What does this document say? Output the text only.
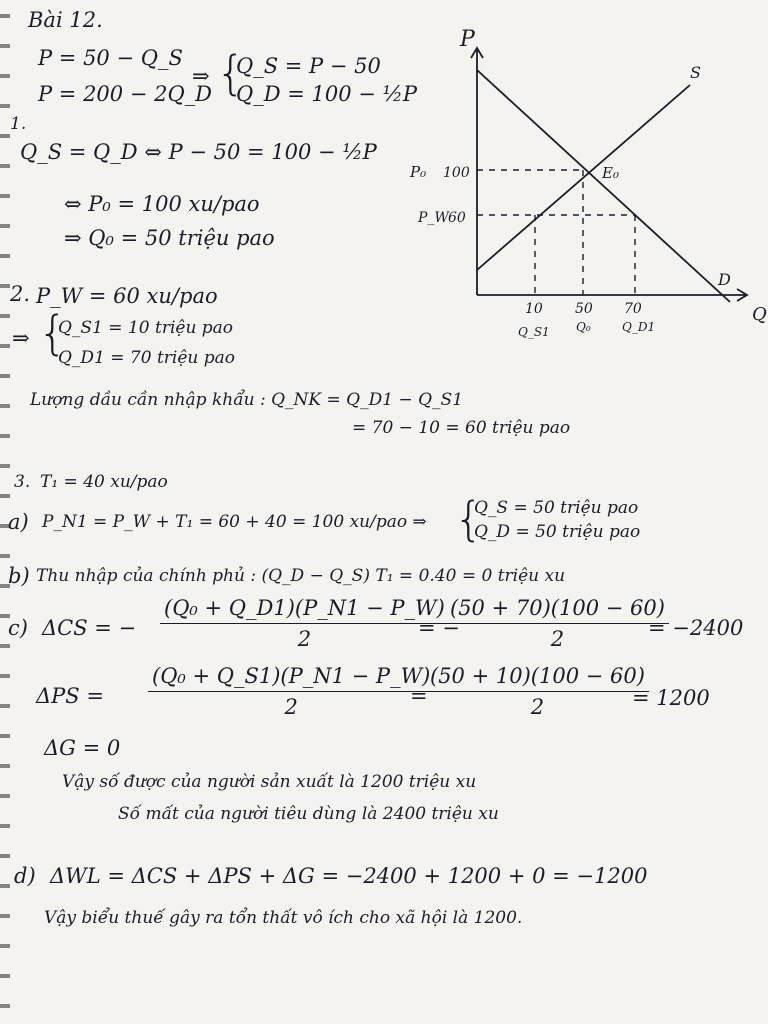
Bài 12.
P = 50 − Q_S
P = 200 − 2Q_D
⇒ {
Q_S = P − 50
Q_D = 100 − ½P
1.
Q_S = Q_D ⇔ P − 50 = 100 − ½P
⇔ P₀ = 100 xu/pao
⇒ Q₀ = 50 triệu pao
P
Q
S
D
E₀
P₀ 100
P_W 60
10 50 70
Q_S1 Q₀	Q_D1
2. P_W = 60 xu/pao
⇒ {
Q_S1 = 10 triệu pao
Q_D1 = 70 triệu pao
Lượng dầu cần nhập khẩu : Q_NK = Q_D1 − Q_S1
= 70 − 10 = 60 triệu pao
3. T₁ = 40 xu/pao
a) P_N1 = P_W + T₁ = 60 + 40 = 100 xu/pao ⇒ {
Q_S = 50 triệu pao
Q_D = 50 triệu pao
b) Thu nhập của chính phủ : (Q_D − Q_S) T₁ = 0.40 = 0 triệu xu
c) ΔCS = − $\frac{\text{(Q₀ + Q\_D1)(P\_N1 − P\_W)}}{2}$
= −
$\frac{(50 + 70)(100 - 60)}{2}$
= −2400
$\Delta PS = \frac{\text{(Q₀ + Q\_S1)(P\_N1 − P\_W)}}{2}$
=
$\frac{(50 + 10)(100 - 60)}{2}$
= 1200
ΔG = 0
Vậy số được của người sản xuất là 1200 triệu xu
Số mất của người tiêu dùng là 2400 triệu xu
d) ΔWL = ΔCS + ΔPS + ΔG = −2400 + 1200 + 0 = −1200
Vậy biểu thuế gây ra tổn thất vô ích cho xã hội là 1200.
